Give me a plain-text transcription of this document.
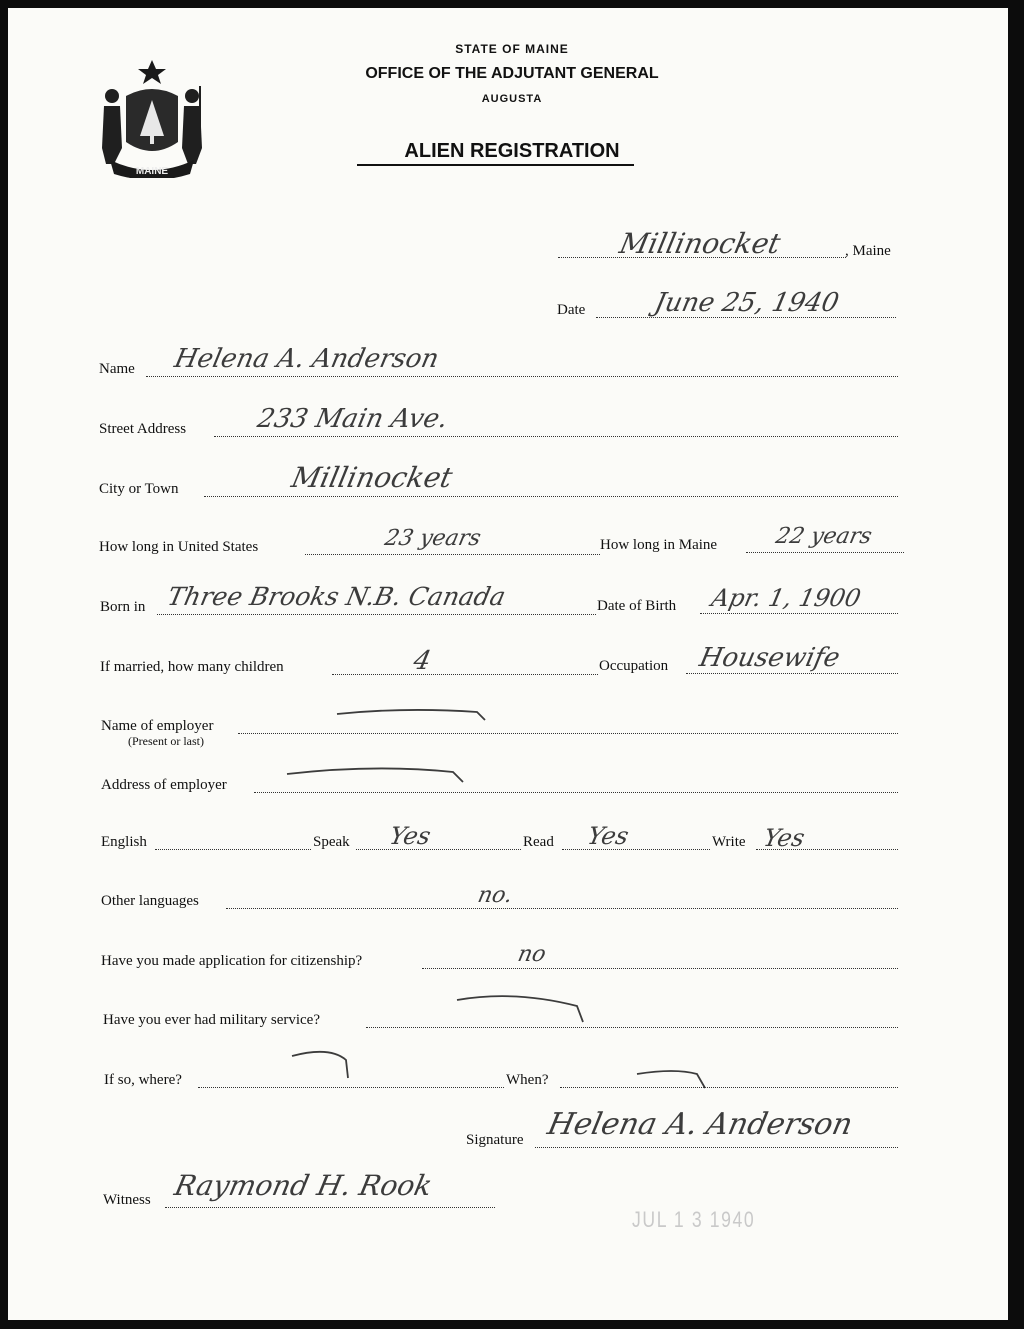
MAINE
STATE OF MAINE
OFFICE OF THE ADJUTANT GENERAL
AUGUSTA
ALIEN REGISTRATION
Millinocket	, Maine
Date	June 25, 1940
Name Helena A. Anderson
Street Address	233 Main Ave.
City or Town	Millinocket
How long in United States	23 years	How long in Maine	22 years
Born in Three Brooks N.B. Canada	Date of Birth Apr. 1, 1900
If married, how many children	4	Occupation Housewife
Name of employer
(Present or last)
Address of employer
English	Speak Yes	Read Yes	Write Yes
Other languages	no.
Have you made application for citizenship?	no
Have you ever had military service?
If so, where?	When?
Signature Helena A. Anderson
Witness Raymond H. Rook
JUL 1 3 1940
